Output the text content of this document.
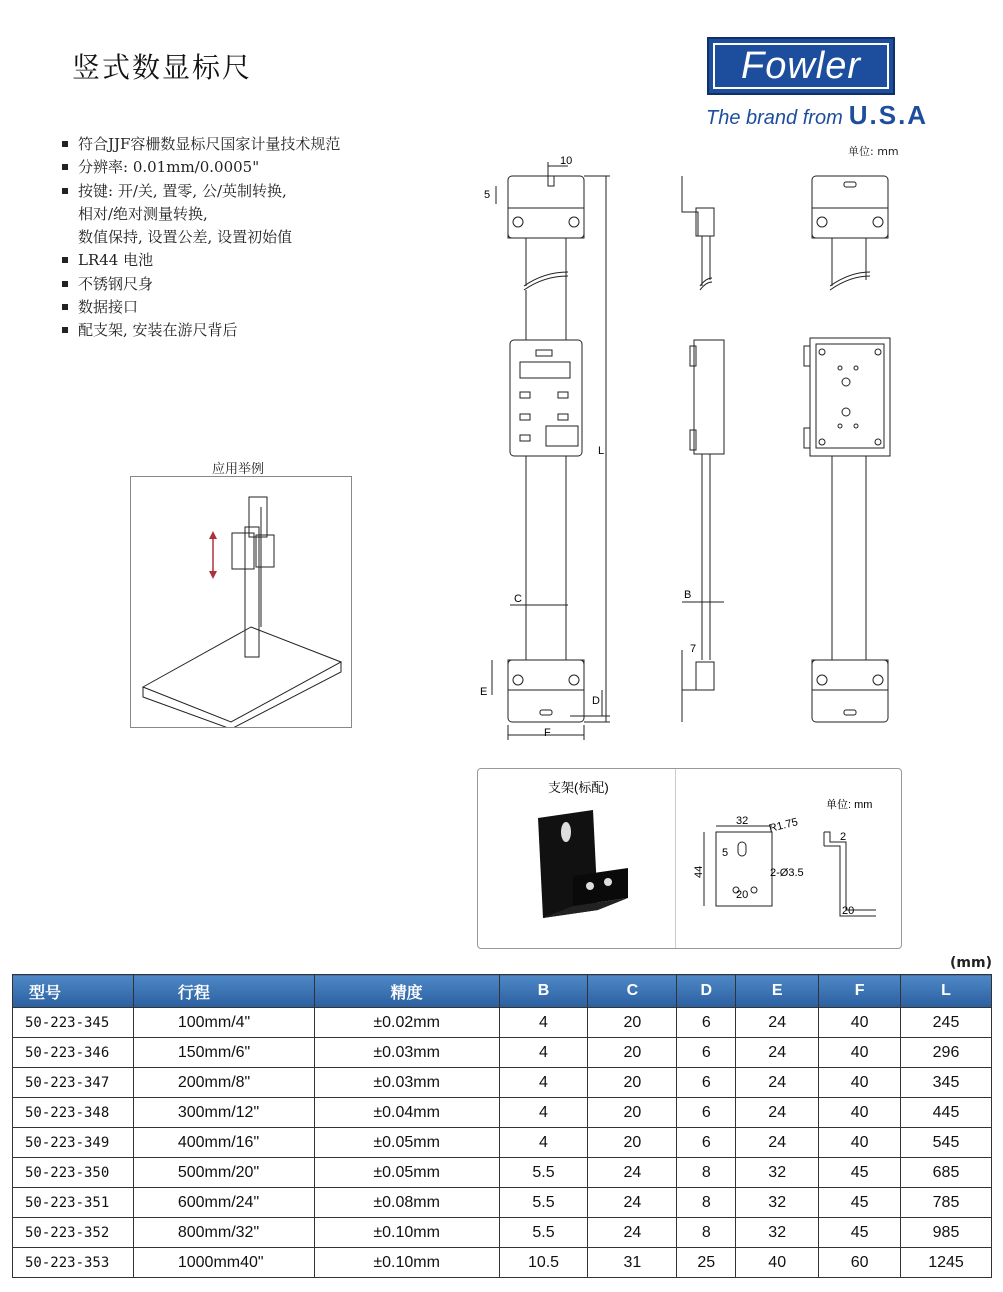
竖式数显标尺	Fowler
The brand from U.S.A
符合JJF容栅数显标尺国家计量技术规范
分辨率: 0.01mm/0.0005"
按键: 开/关, 置零, 公/英制转换,
相对/绝对测量转换,
数值保持, 设置公差, 设置初始值
LR44 电池
不锈钢尺身
数据接口
配支架, 安装在游尺背后
单位: mm
10
5
L
C
E
D
F
B
7
应用举例
支架(标配)
单位: mm
32 R1.75
5
44	2-Ø3.5
20
2
20
(mm)
型号	行程	精度	B	C	D	E	F	L
50-223-345	100mm/4"	±0.02mm	4	20	6	24	40	245
50-223-346	150mm/6"	±0.03mm	4	20	6	24	40	296
50-223-347	200mm/8"	±0.03mm	4	20	6	24	40	345
50-223-348	300mm/12"	±0.04mm	4	20	6	24	40	445
50-223-349	400mm/16"	±0.05mm	4	20	6	24	40	545
50-223-350	500mm/20"	±0.05mm	5.5	24	8	32	45	685
50-223-351	600mm/24"	±0.08mm	5.5	24	8	32	45	785
50-223-352	800mm/32"	±0.10mm	5.5	24	8	32	45	985
50-223-353	1000mm40"	±0.10mm	10.5	31	25	40	60	1245
